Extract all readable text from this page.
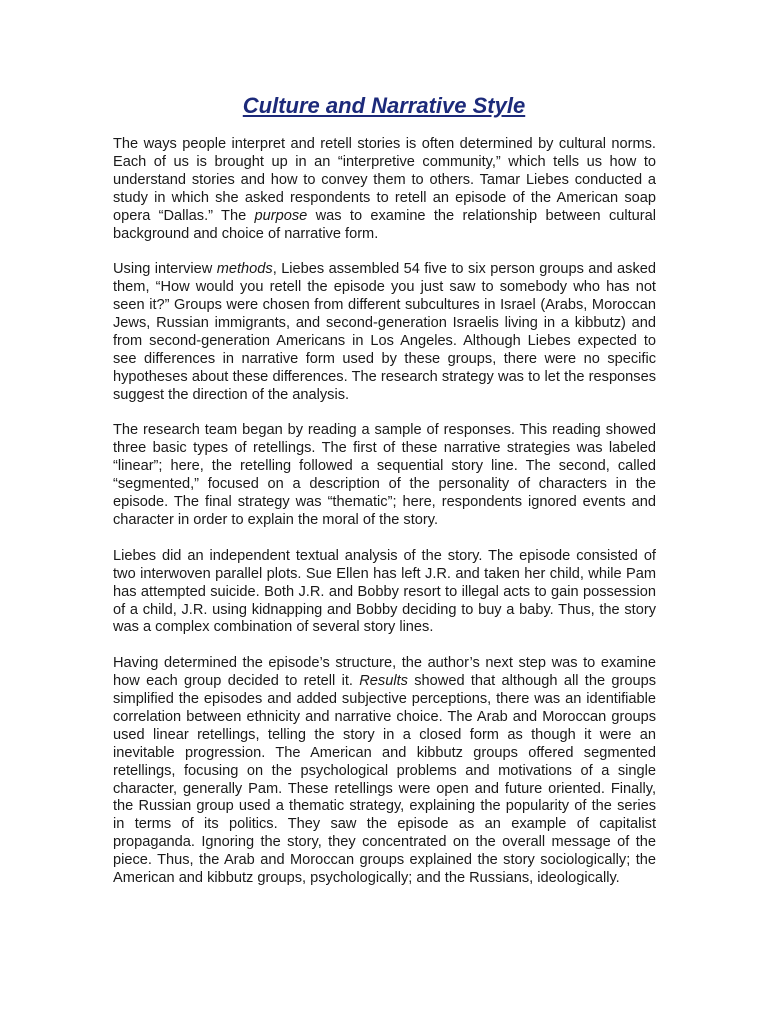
Culture and Narrative Style

The ways people interpret and retell stories is often determined by cultural norms. Each of us is brought up in an “interpretive community,” which tells us how to understand stories and how to convey them to others. Tamar Liebes conducted a study in which she asked respondents to retell an episode of the American soap opera “Dallas.” The purpose was to examine the relationship between cultural background and choice of narrative form.

Using interview methods, Liebes assembled 54 five to six person groups and asked them, “How would you retell the episode you just saw to somebody who has not seen it?” Groups were chosen from different subcultures in Israel (Arabs, Moroccan Jews, Russian immigrants, and second-generation Israelis living in a kibbutz) and from second-generation Americans in Los Angeles. Although Liebes expected to see differences in narrative form used by these groups, there were no specific hypotheses about these differences. The research strategy was to let the responses suggest the direction of the analysis.

The research team began by reading a sample of responses. This reading showed three basic types of retellings. The first of these narrative strategies was labeled “linear”; here, the retelling followed a sequential story line. The second, called “segmented,” focused on a description of the personality of characters in the episode. The final strategy was “thematic”; here, respondents ignored events and character in order to explain the moral of the story.

Liebes did an independent textual analysis of the story. The episode consisted of two interwoven parallel plots. Sue Ellen has left J.R. and taken her child, while Pam has attempted suicide. Both J.R. and Bobby resort to illegal acts to gain possession of a child, J.R. using kidnapping and Bobby deciding to buy a baby. Thus, the story was a complex combination of several story lines.

Having determined the episode’s structure, the author’s next step was to examine how each group decided to retell it. Results showed that although all the groups simplified the episodes and added subjective perceptions, there was an identifiable correlation between ethnicity and narrative choice. The Arab and Moroccan groups used linear retellings, telling the story in a closed form as though it were an inevitable progression. The American and kibbutz groups offered segmented retellings, focusing on the psychological problems and motivations of a single character, generally Pam. These retellings were open and future oriented. Finally, the Russian group used a thematic strategy, explaining the popularity of the series in terms of its politics. They saw the episode as an example of capitalist propaganda. Ignoring the story, they concentrated on the overall message of the piece. Thus, the Arab and Moroccan groups explained the story sociologically; the American and kibbutz groups, psychologically; and the Russians, ideologically.
